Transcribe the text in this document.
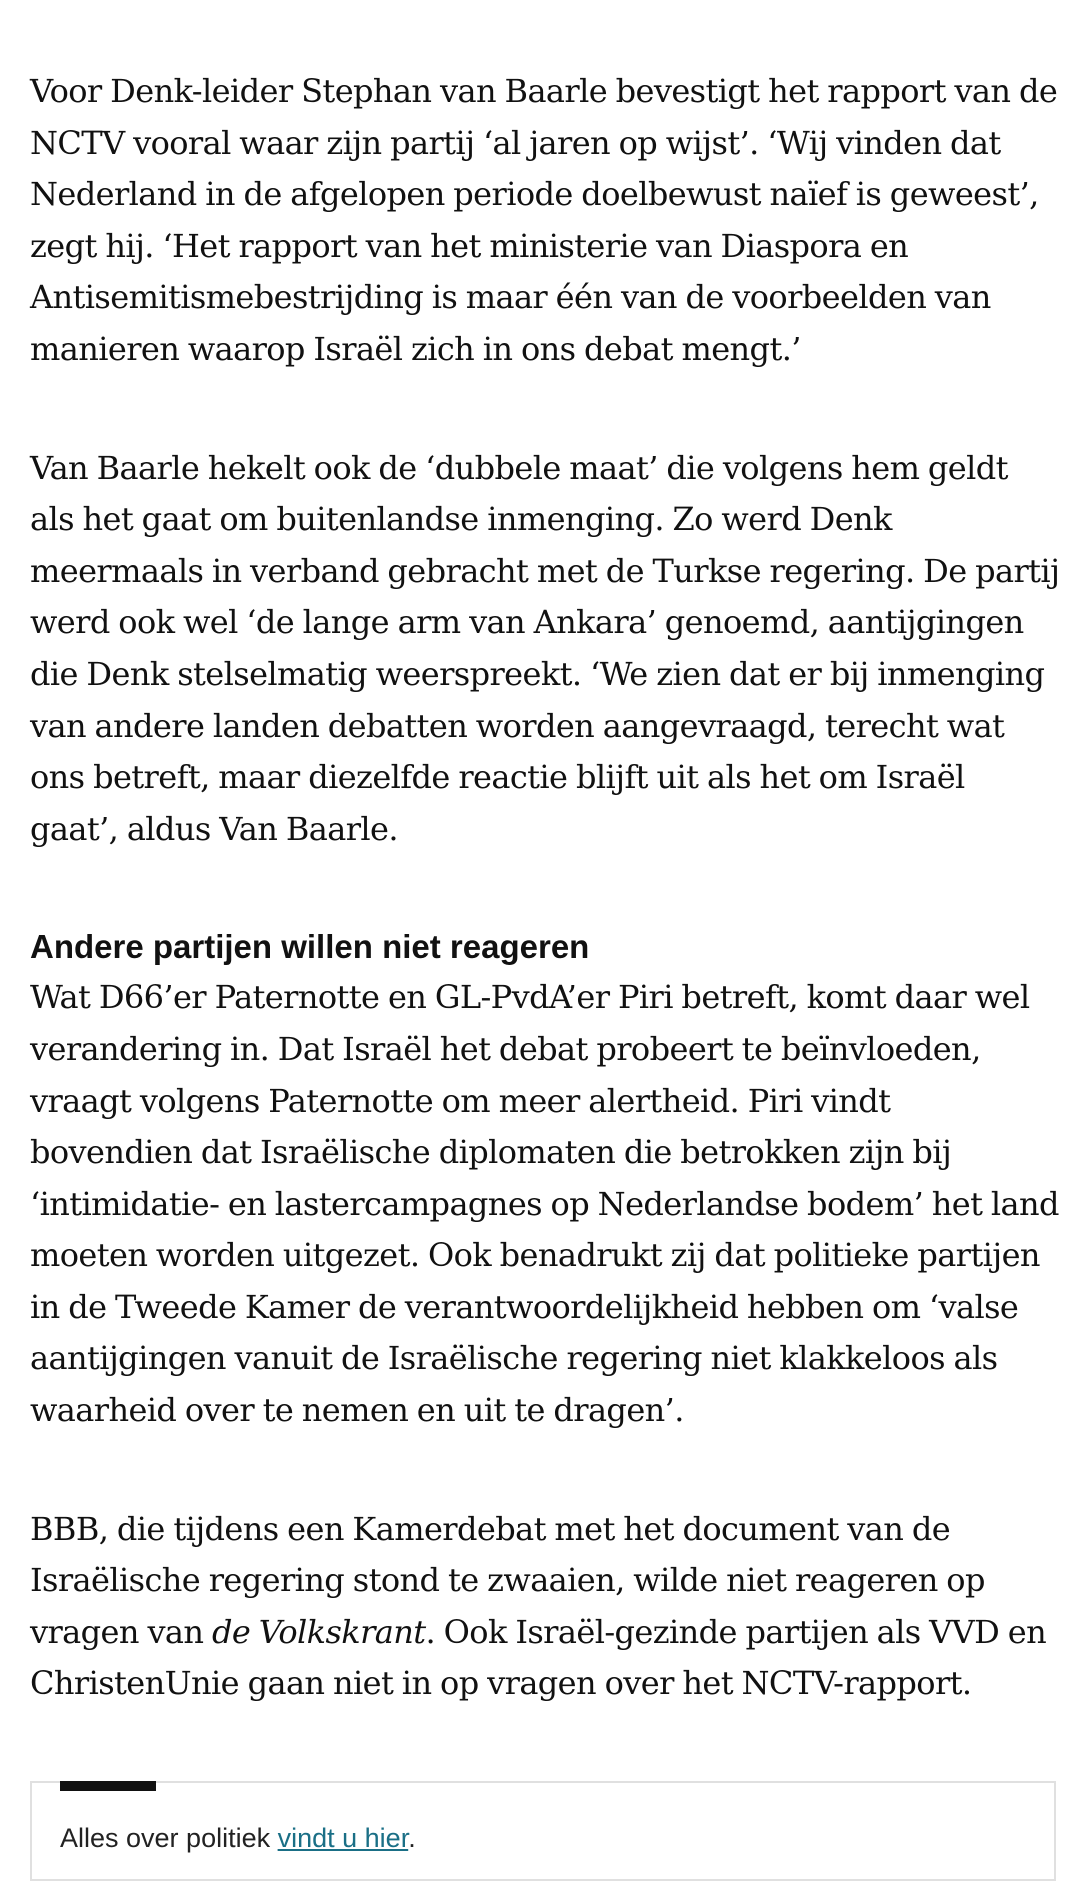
Voor Denk-leider Stephan van Baarle bevestigt het rapport van de NCTV vooral waar zijn partij ‘al jaren op wijst’. ‘Wij vinden dat Nederland in de afgelopen periode doelbewust naïef is geweest’, zegt hij. ‘Het rapport van het ministerie van Diaspora en Antisemitismebestrijding is maar één van de voorbeelden van manieren waarop Israël zich in ons debat mengt.’

Van Baarle hekelt ook de ‘dubbele maat’ die volgens hem geldt als het gaat om buitenlandse inmenging. Zo werd Denk meermaals in verband gebracht met de Turkse regering. De partij werd ook wel ‘de lange arm van Ankara’ genoemd, aantijgingen die Denk stelselmatig weerspreekt. ‘We zien dat er bij inmenging van andere landen debatten worden aangevraagd, terecht wat ons betreft, maar diezelfde reactie blijft uit als het om Israël gaat’, aldus Van Baarle.

Andere partijen willen niet reageren

Wat D66’er Paternotte en GL-PvdA’er Piri betreft, komt daar wel verandering in. Dat Israël het debat probeert te beïnvloeden, vraagt volgens Paternotte om meer alertheid. Piri vindt bovendien dat Israëlische diplomaten die betrokken zijn bij ‘intimidatie- en lastercampagnes op Nederlandse bodem’ het land moeten worden uitgezet. Ook benadrukt zij dat politieke partijen in de Tweede Kamer de verantwoordelijkheid hebben om ‘valse aantijgingen vanuit de Israëlische regering niet klakkeloos als waarheid over te nemen en uit te dragen’.

BBB, die tijdens een Kamerdebat met het document van de Israëlische regering stond te zwaaien, wilde niet reageren op vragen van de Volkskrant. Ook Israël-gezinde partijen als VVD en ChristenUnie gaan niet in op vragen over het NCTV-rapport.

Alles over politiek vindt u hier.
